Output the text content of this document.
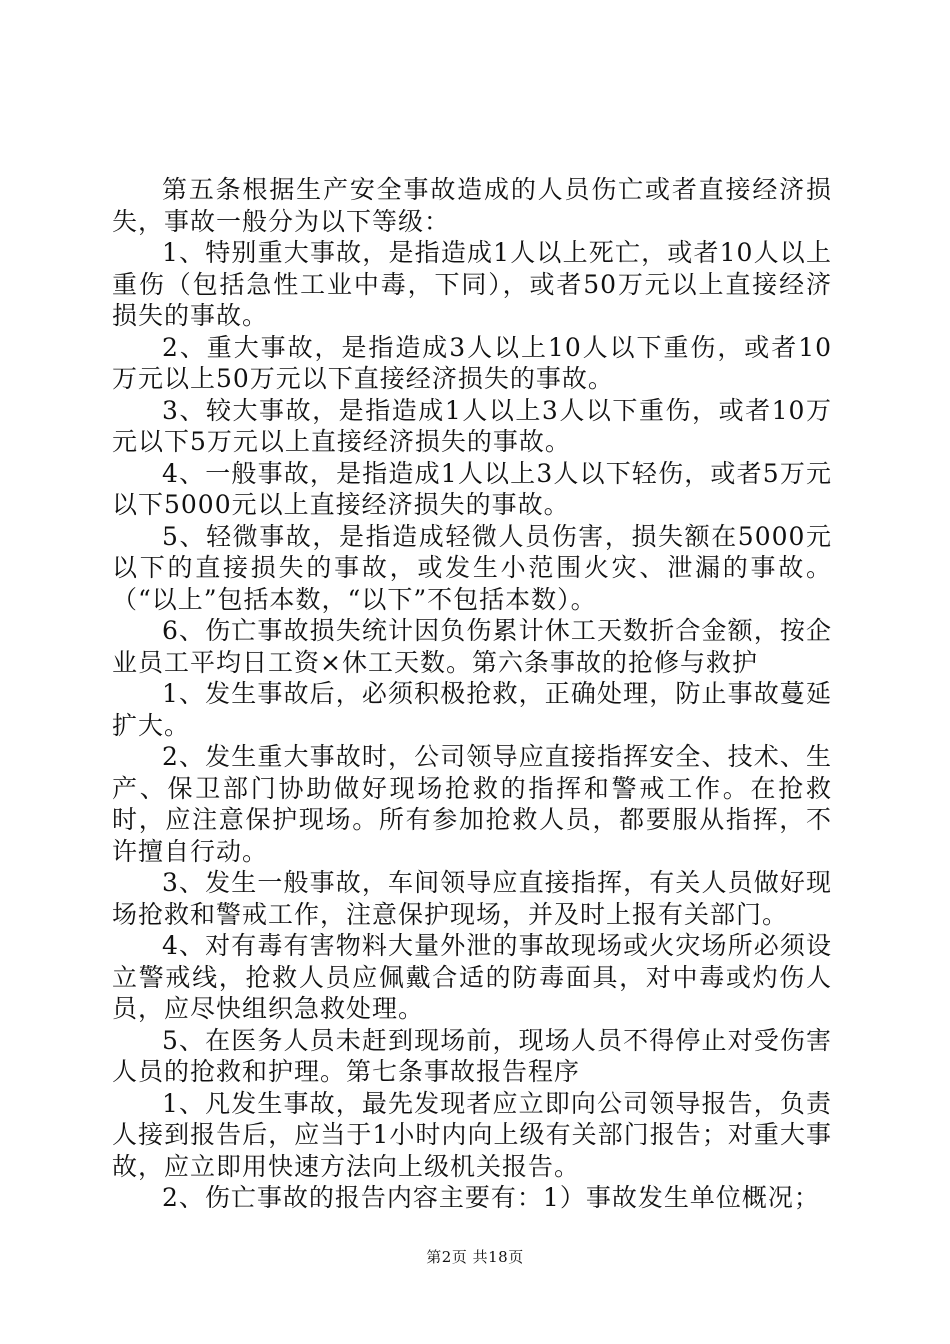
第五条根据生产安全事故造成的人员伤亡或者直接经济损失，事故一般分为以下等级：

1、特别重大事故，是指造成1人以上死亡，或者10人以上重伤（包括急性工业中毒，下同），或者50万元以上直接经济损失的事故。

2、重大事故，是指造成3人以上10人以下重伤，或者10万元以上50万元以下直接经济损失的事故。

3、较大事故，是指造成1人以上3人以下重伤，或者10万元以下5万元以上直接经济损失的事故。

4、一般事故，是指造成1人以上3人以下轻伤，或者5万元以下5000元以上直接经济损失的事故。

5、轻微事故，是指造成轻微人员伤害，损失额在5000元以下的直接损失的事故，或发生小范围火灾、泄漏的事故。（“以上”包括本数，“以下”不包括本数）。

6、伤亡事故损失统计因负伤累计休工天数折合金额，按企业员工平均日工资×休工天数。第六条事故的抢修与救护

1、发生事故后，必须积极抢救，正确处理，防止事故蔓延扩大。

2、发生重大事故时，公司领导应直接指挥安全、技术、生产、保卫部门协助做好现场抢救的指挥和警戒工作。在抢救时，应注意保护现场。所有参加抢救人员，都要服从指挥，不许擅自行动。

3、发生一般事故，车间领导应直接指挥，有关人员做好现场抢救和警戒工作，注意保护现场，并及时上报有关部门。

4、对有毒有害物料大量外泄的事故现场或火灾场所必须设立警戒线，抢救人员应佩戴合适的防毒面具，对中毒或灼伤人员，应尽快组织急救处理。

5、在医务人员未赶到现场前，现场人员不得停止对受伤害人员的抢救和护理。第七条事故报告程序

1、凡发生事故，最先发现者应立即向公司领导报告，负责人接到报告后，应当于1小时内向上级有关部门报告；对重大事故，应立即用快速方法向上级机关报告。

2、伤亡事故的报告内容主要有：1）事故发生单位概况；

第2页 共18页
